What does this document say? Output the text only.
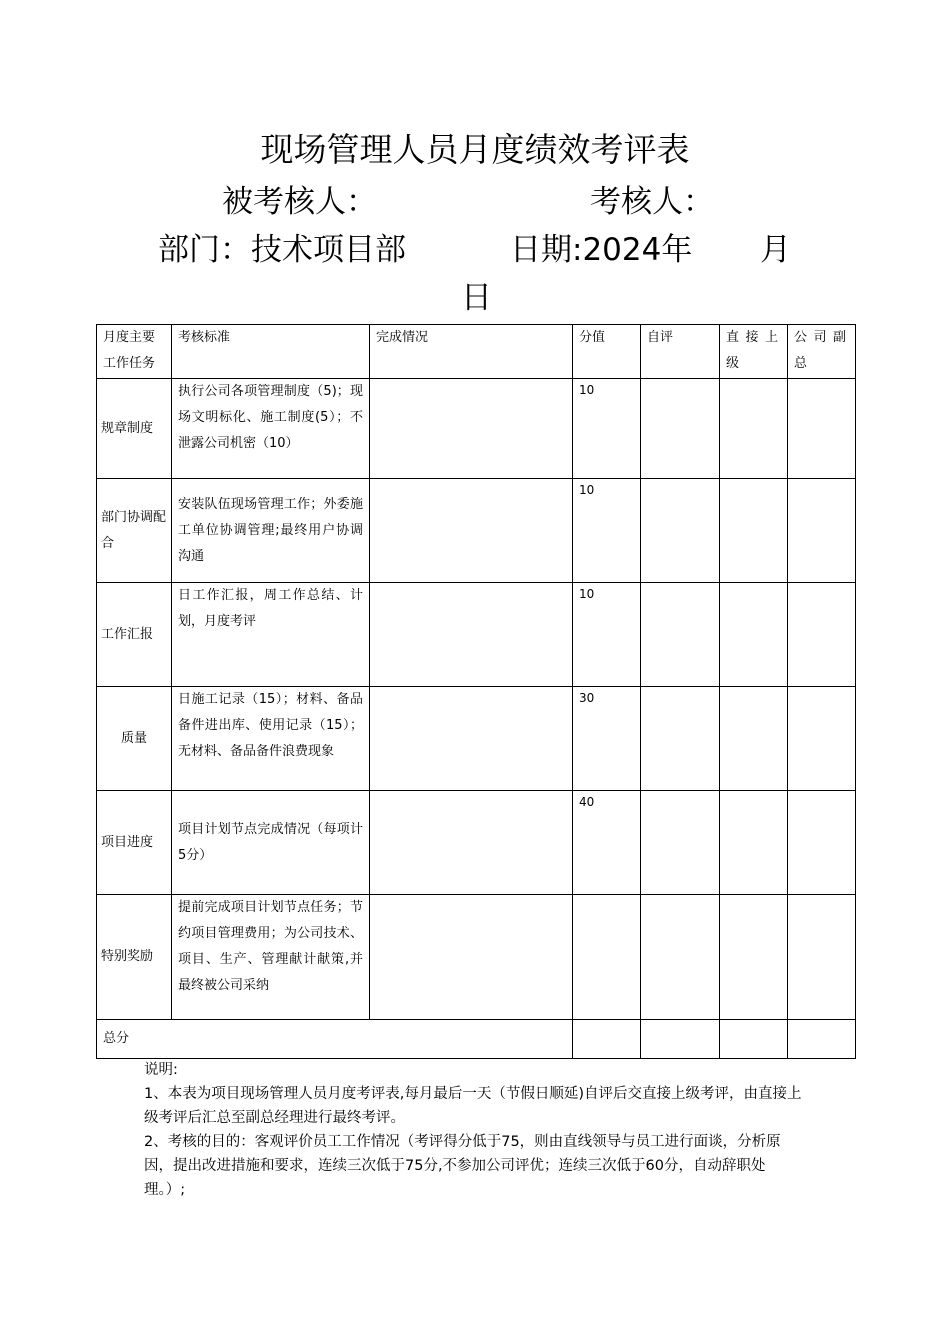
现场管理人员月度绩效考评表
被考核人：	考核人：
部门：技术项目部	日期:2024年 月
日
月度主要工作任务	考核标准	完成情况	分值	自评	直接上级	公司副总
规章制度	执行公司各项管理制度（5)；现场文明标化、施工制度(5）；不泄露公司机密（10）		10			
部门协调配合	安装队伍现场管理工作；外委施工单位协调管理;最终用户协调沟通		10			
工作汇报	日工作汇报，周工作总结、计划，月度考评		10			
质量	日施工记录（15）；材料、备品备件进出库、使用记录（15）；无材料、备品备件浪费现象		30			
项目进度	项目计划节点完成情况（每项计5分）		40			
特别奖励	提前完成项目计划节点任务；节约项目管理费用；为公司技术、项目、生产、管理献计献策,并最终被公司采纳					
总分						

说明:

1、本表为项目现场管理人员月度考评表,每月最后一天（节假日顺延)自评后交直接上级考评，由直接上级考评后汇总至副总经理进行最终考评。

2、考核的目的：客观评价员工工作情况（考评得分低于75，则由直线领导与员工进行面谈，分析原因，提出改进措施和要求，连续三次低于75分,不参加公司评优；连续三次低于60分，自动辞职处理。）;
